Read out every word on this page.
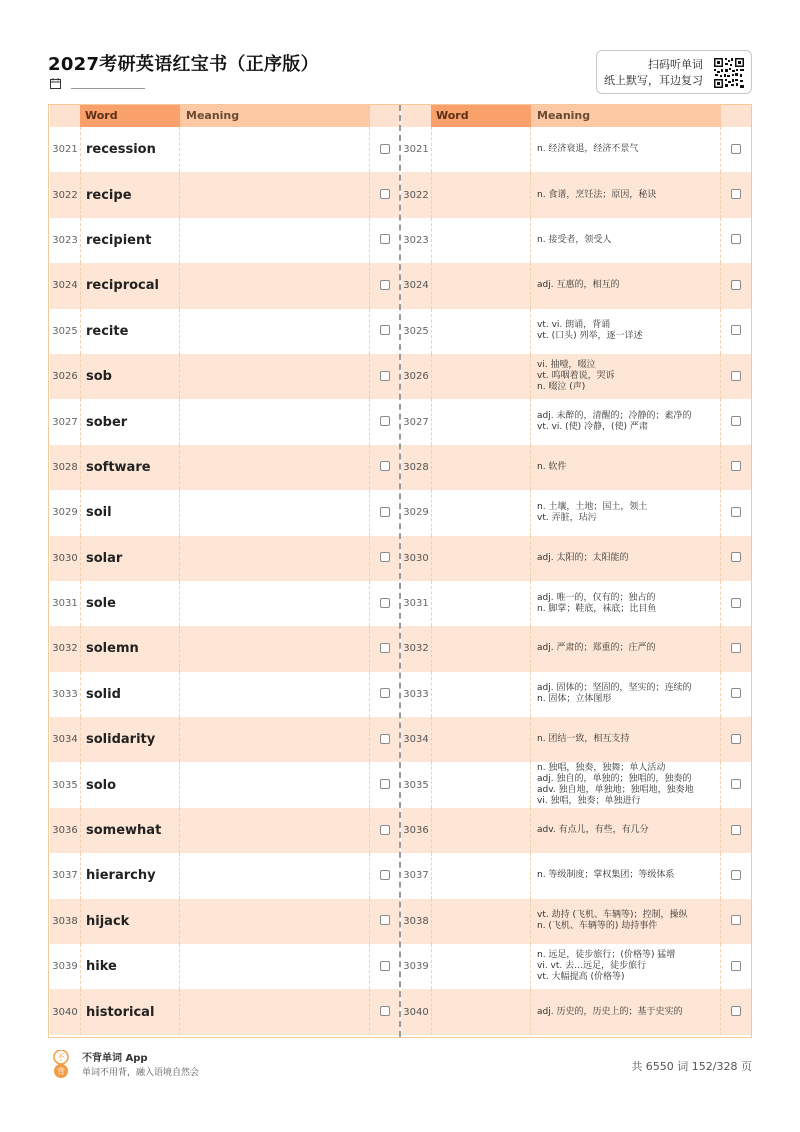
2027考研英语红宝书（正序版）	扫码听单词
纸上默写，耳边复习
Word	Meaning
3021 recession
3022 recipe
3023 recipient
3024 reciprocal
3025 recite
3026 sob
3027 sober
3028 software
3029 soil
3030 solar
3031 sole
3032 solemn
3033 solid
3034 solidarity
3035 solo
3036 somewhat
3037 hierarchy
3038 hijack
3039 hike
3040 historical
Word	Meaning
3021	n. 经济衰退，经济不景气
3022	n. 食谱，烹饪法；原因，秘诀
3023	n. 接受者，领受人
3024	adj. 互惠的，相互的
3025
vt. vi. 朗诵，背诵
vt. (口头) 列举，逐一详述
3026
vi. 抽噎，啜泣
vt. 呜咽着说，哭诉
n. 啜泣 (声)
3027
adj. 未醉的，清醒的；冷静的；素净的
vt. vi. (使) 冷静，(使) 严肃
3028	n. 软件
3029
n. 土壤，土地；国土，领土
vt. 弄脏，玷污
3030	adj. 太阳的；太阳能的
3031
adj. 唯一的，仅有的；独占的
n. 脚掌；鞋底，袜底；比目鱼
3032	adj. 严肃的；郑重的；庄严的
3033
adj. 固体的；坚固的，坚实的；连续的
n. 固体；立体图形
3034	n. 团结一致，相互支持
3035
n. 独唱，独奏，独舞；单人活动
adj. 独自的，单独的；独唱的，独奏的
adv. 独自地，单独地；独唱地，独奏地
vi. 独唱，独奏；单独进行
3036	adv. 有点儿，有些，有几分
3037	n. 等级制度；掌权集团；等级体系
3038
vt. 劫持 (飞机、车辆等)；控制，操纵
n. (飞机、车辆等的) 劫持事件
3039
n. 远足，徒步旅行；(价格等) 猛增
vi. vt. 去…远足，徒步旅行
vt. 大幅提高 (价格等)
3040	adj. 历史的，历史上的；基于史实的
不
背
不背单词 App
单词不用背，融入语境自然会	共 6550 词 152/328 页
